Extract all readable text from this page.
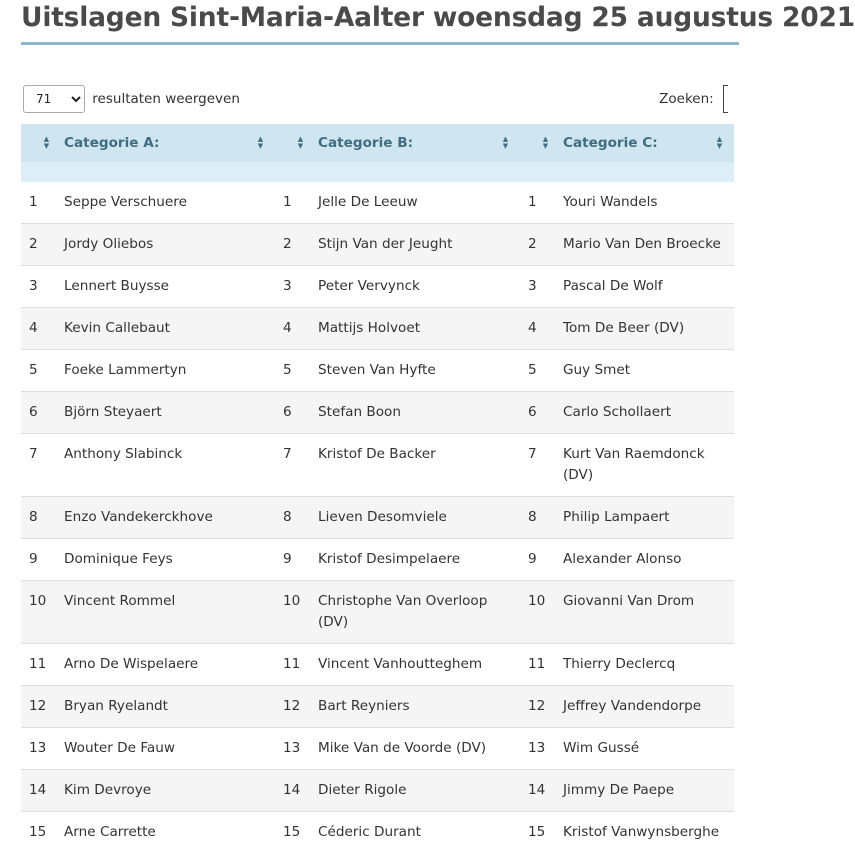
Uitslagen Sint-Maria-Aalter woensdag 25 augustus 2021
71 resultaten weergeven	Zoeken:
▲
▼	Categorie A: ▲
▼	▲
▼	Categorie B: ▲
▼	▲
▼	Categorie C: ▲
▼

1	Seppe Verschuere	1	Jelle De Leeuw	1	Youri Wandels
2	Jordy Oliebos	2	Stijn Van der Jeught	2	Mario Van Den Broecke
3	Lennert Buysse	3	Peter Vervynck	3	Pascal De Wolf
4	Kevin Callebaut	4	Mattijs Holvoet	4	Tom De Beer (DV)
5	Foeke Lammertyn	5	Steven Van Hyfte	5	Guy Smet
6	Björn Steyaert	6	Stefan Boon	6	Carlo Schollaert
7	Anthony Slabinck	7	Kristof De Backer	7	Kurt Van Raemdonck (DV)
8	Enzo Vandekerckhove	8	Lieven Desomviele	8	Philip Lampaert
9	Dominique Feys	9	Kristof Desimpelaere	9	Alexander Alonso
10	Vincent Rommel	10	Christophe Van Overloop (DV)	10	Giovanni Van Drom
11	Arno De Wispelaere	11	Vincent Vanhoutteghem	11	Thierry Declercq
12	Bryan Ryelandt	12	Bart Reyniers	12	Jeffrey Vandendorpe
13	Wouter De Fauw	13	Mike Van de Voorde (DV)	13	Wim Gussé
14	Kim Devroye	14	Dieter Rigole	14	Jimmy De Paepe
15	Arne Carrette	15	Céderic Durant	15	Kristof Vanwynsberghe
